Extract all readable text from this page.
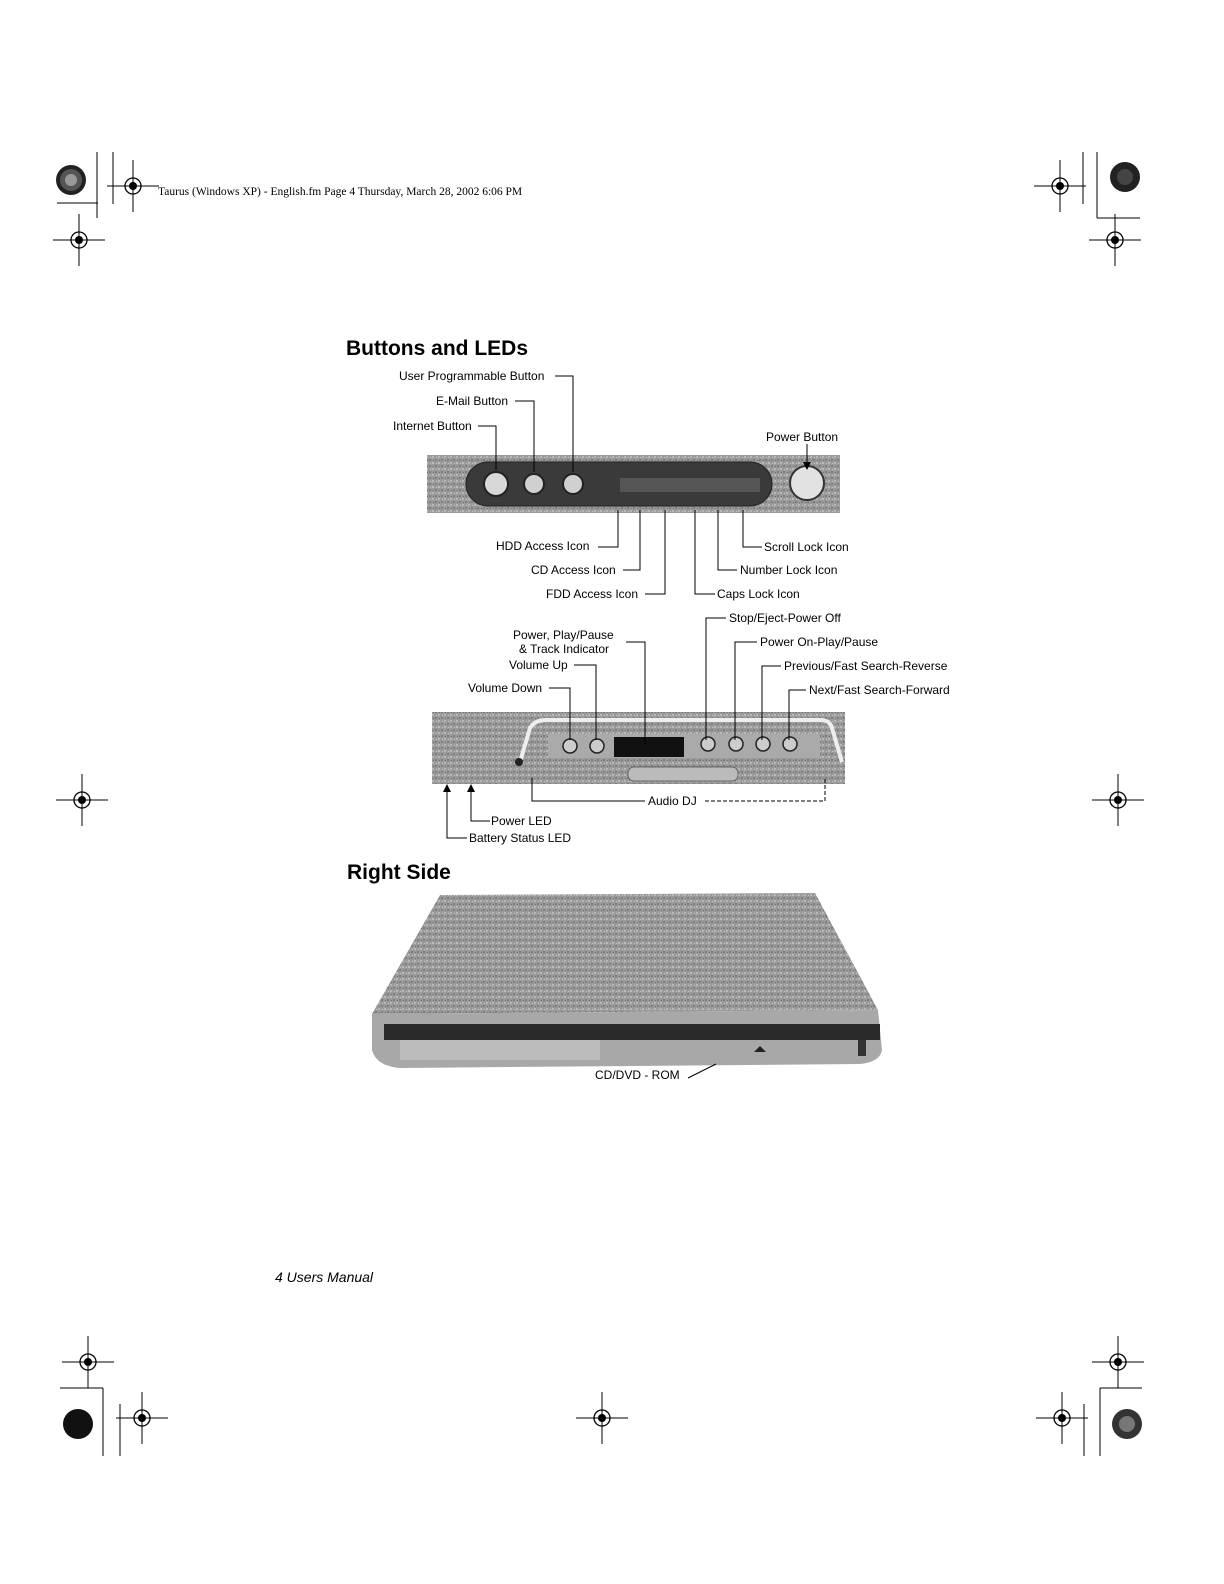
Taurus (Windows XP) - English.fm Page 4 Thursday, March 28, 2002 6:06 PM
Buttons and LEDs
Right Side
User Programmable Button
E-Mail Button
Internet Button
Power Button
HDD Access Icon
CD Access Icon
FDD Access Icon
Scroll Lock Icon
Number Lock Icon
Caps Lock Icon
Stop/Eject-Power Off
Power On-Play/Pause
Previous/Fast Search-Reverse
Next/Fast Search-Forward
Power, Play/Pause
& Track Indicator
Volume Up
Volume Down
Audio DJ
Power LED
Battery Status LED
CD/DVD - ROM
4 Users Manual
